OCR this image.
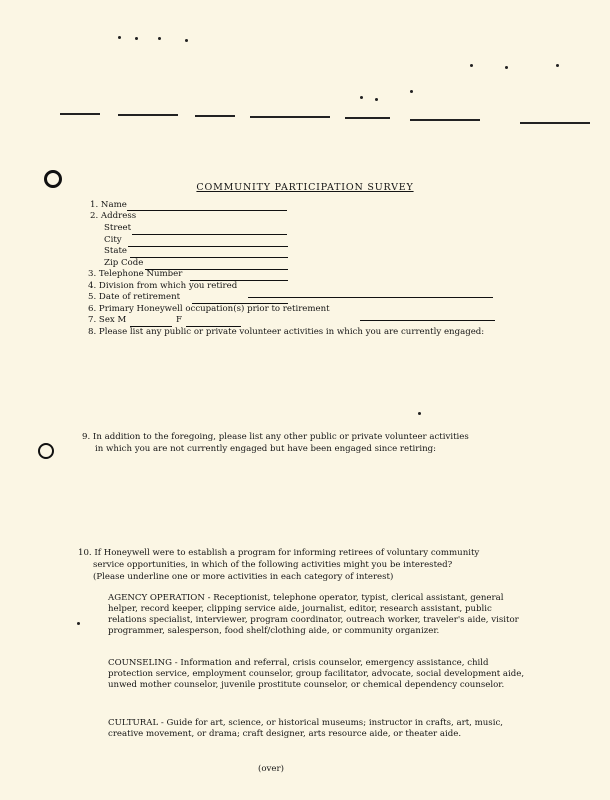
COMMUNITY PARTICIPATION SURVEY
1. Name
2. Address
Street
City
State
Zip Code
3. Telephone Number
4. Division from which you retired
5. Date of retirement
6. Primary Honeywell occupation(s) prior to retirement
7. Sex M	F
8. Please list any public or private volunteer activities in which you are currently engaged:
9. In addition to the foregoing, please list any other public or private volunteer activities
in which you are not currently engaged but have been engaged since retiring:
10. If Honeywell were to establish a program for informing retirees of voluntary community
service opportunities, in which of the following activities might you be interested?
(Please underline one or more activities in each category of interest)
AGENCY OPERATION - Receptionist, telephone operator, typist, clerical assistant, general helper, record keeper, clipping service aide, journalist, editor, research assistant, public relations specialist, interviewer, program coordinator, outreach worker, traveler's aide, visitor programmer, salesperson, food shelf/clothing aide, or community organizer.
COUNSELING - Information and referral, crisis counselor, emergency assistance, child protection service, employment counselor, group facilitator, advocate, social development aide, unwed mother counselor, juvenile prostitute counselor, or chemical dependency counselor.
CULTURAL - Guide for art, science, or historical museums; instructor in crafts, art, music, creative movement, or drama; craft designer, arts resource aide, or theater aide.
(over)
